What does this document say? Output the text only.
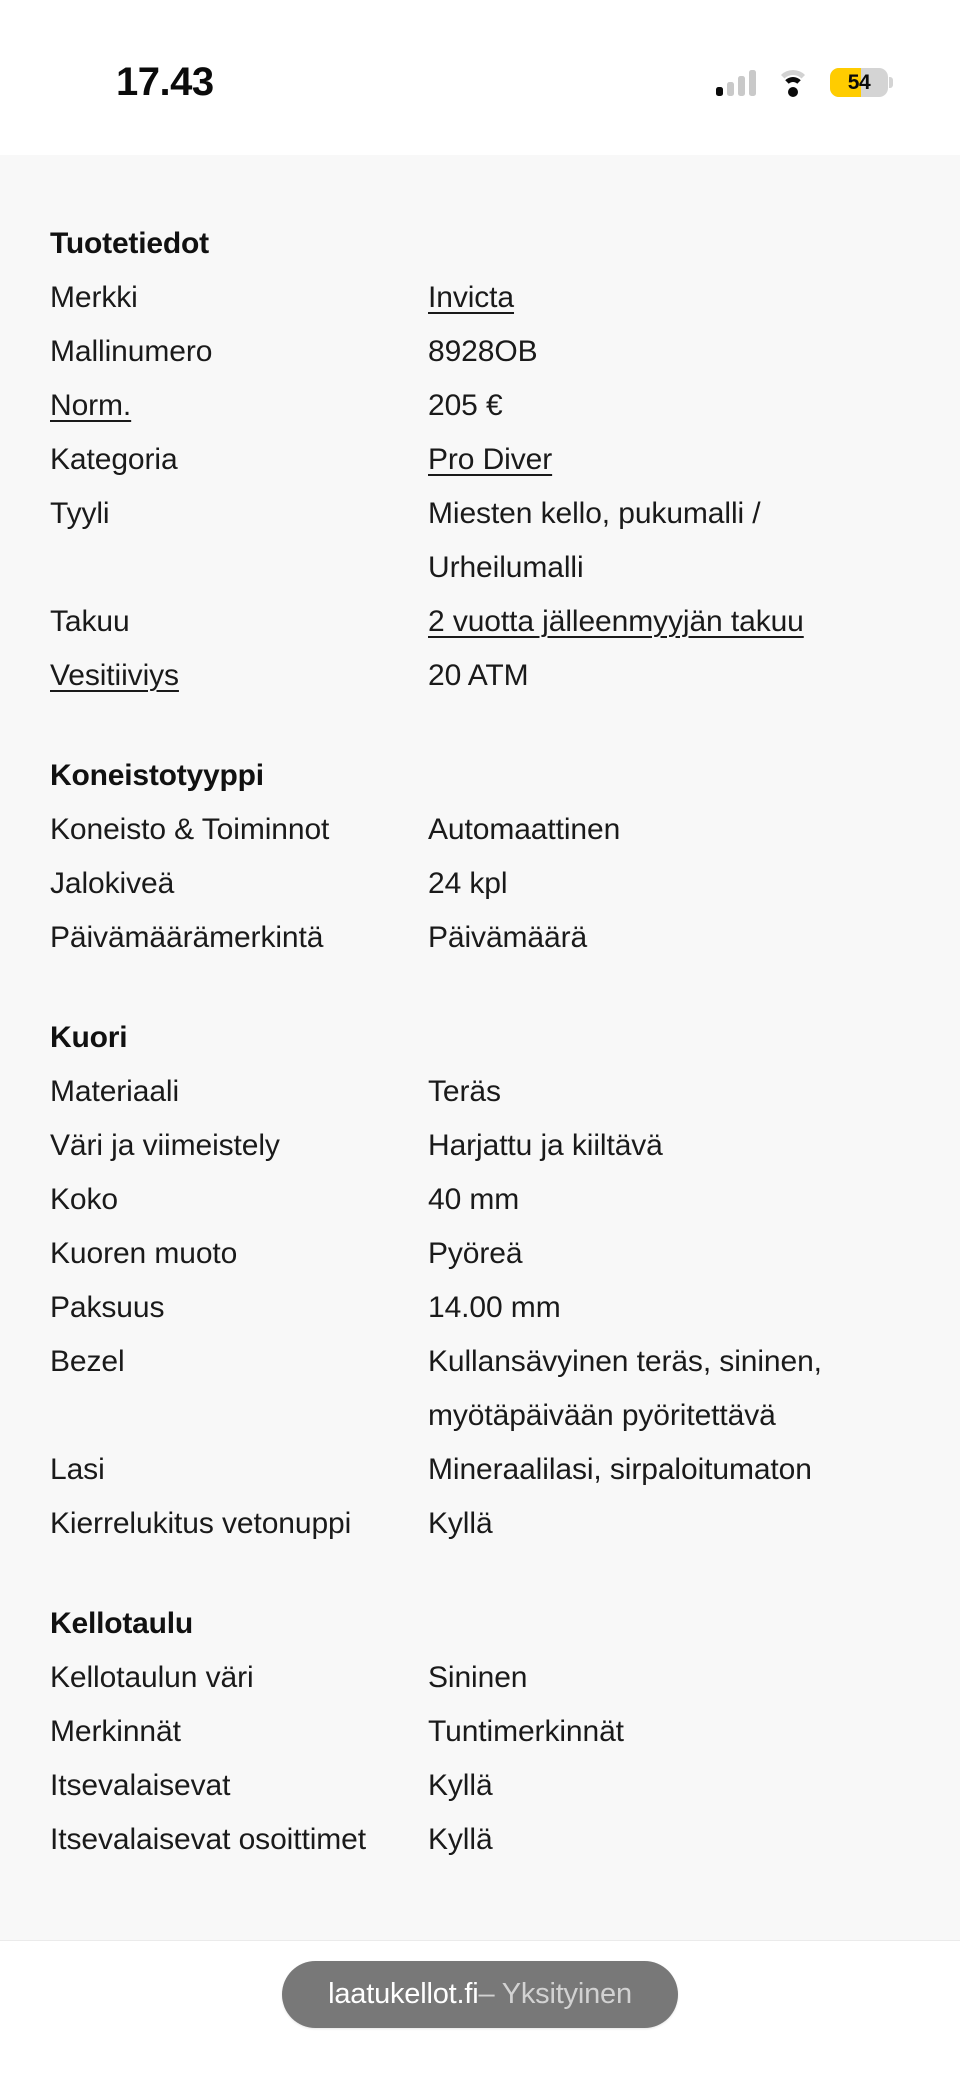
17.43	54
Tuotetiedot
Merkki	Invicta
Mallinumero	8928OB
Norm.	205 €
Kategoria	Pro Diver
Tyyli	Miesten kello, pukumalli / Urheilumalli
Takuu	2 vuotta jälleenmyyjän takuu
Vesitiiviys	20 ATM
Koneistotyyppi
Koneisto & Toiminnot	Automaattinen
Jalokiveä	24 kpl
Päivämäärämerkintä	Päivämäärä
Kuori
Materiaali	Teräs
Väri ja viimeistely	Harjattu ja kiiltävä
Koko	40 mm
Kuoren muoto	Pyöreä
Paksuus	14.00 mm
Bezel	Kullansävyinen teräs, sininen, myötäpäivään pyöritettävä
Lasi	Mineraalilasi, sirpaloitumaton
Kierrelukitus vetonuppi	Kyllä
Kellotaulu
Kellotaulun väri	Sininen
Merkinnät	Tuntimerkinnät
Itsevalaisevat	Kyllä
Itsevalaisevat osoittimet	Kyllä
laatukellot.fi – Yksityinen
